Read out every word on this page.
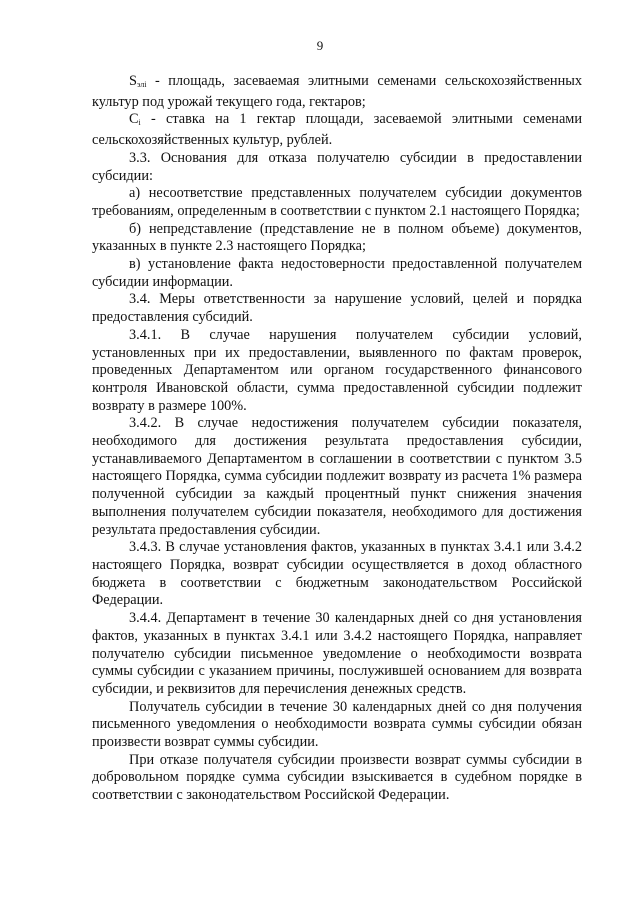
9

$S_{элi}$ - площадь, засеваемая элитными семенами сельскохозяйственных культур под урожай текущего года, гектаров;

$C_i$ - ставка на 1 гектар площади, засеваемой элитными семенами сельскохозяйственных культур, рублей.

3.3. Основания для отказа получателю субсидии в предоставлении субсидии:

а) несоответствие представленных получателем субсидии документов требованиям, определенным в соответствии с пунктом 2.1 настоящего Порядка;

б) непредставление (представление не в полном объеме) документов, указанных в пункте 2.3 настоящего Порядка;

в) установление факта недостоверности предоставленной получателем субсидии информации.

3.4. Меры ответственности за нарушение условий, целей и порядка предоставления субсидий.

3.4.1. В случае нарушения получателем субсидии условий, установленных при их предоставлении, выявленного по фактам проверок, проведенных Департаментом или органом государственного финансового контроля Ивановской области, сумма предоставленной субсидии подлежит возврату в размере 100%.

3.4.2. В случае недостижения получателем субсидии показателя, необходимого для достижения результата предоставления субсидии, устанавливаемого Департаментом в соглашении в соответствии с пунктом 3.5 настоящего Порядка, сумма субсидии подлежит возврату из расчета 1% размера полученной субсидии за каждый процентный пункт снижения значения выполнения получателем субсидии показателя, необходимого для достижения результата предоставления субсидии.

3.4.3. В случае установления фактов, указанных в пунктах 3.4.1 или 3.4.2 настоящего Порядка, возврат субсидии осуществляется в доход областного бюджета в соответствии с бюджетным законодательством Российской Федерации.

3.4.4. Департамент в течение 30 календарных дней со дня установления фактов, указанных в пунктах 3.4.1 или 3.4.2 настоящего Порядка, направляет получателю субсидии письменное уведомление о необходимости возврата суммы субсидии с указанием причины, послужившей основанием для возврата субсидии, и реквизитов для перечисления денежных средств.

Получатель субсидии в течение 30 календарных дней со дня получения письменного уведомления о необходимости возврата суммы субсидии обязан произвести возврат суммы субсидии.

При отказе получателя субсидии произвести возврат суммы субсидии в добровольном порядке сумма субсидии взыскивается в судебном порядке в соответствии с законодательством Российской Федерации.
